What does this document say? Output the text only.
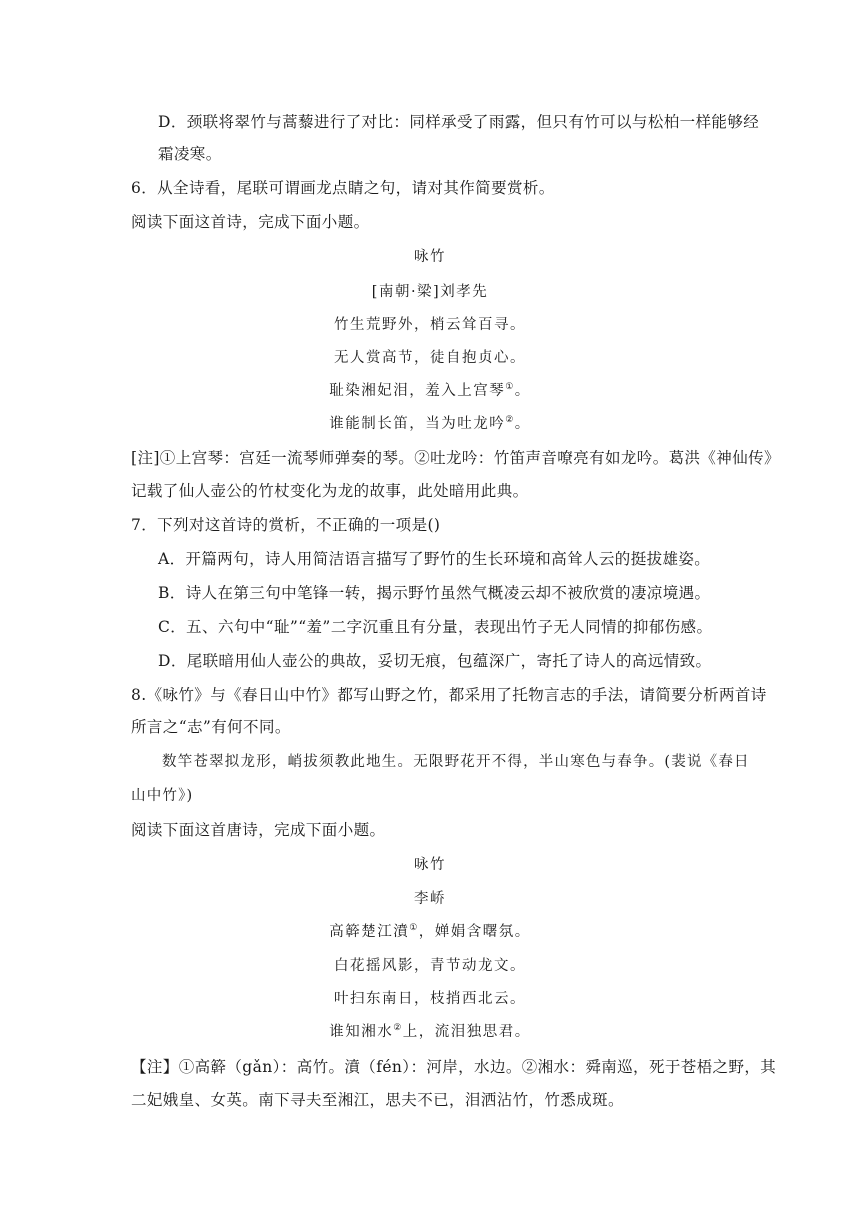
D．颈联将翠竹与蒿藜进行了对比：同样承受了雨露，但只有竹可以与松柏一样能够经
霜凌寒。
6．从全诗看，尾联可谓画龙点睛之句，请对其作简要赏析。
阅读下面这首诗，完成下面小题。
咏竹
[南朝·梁]刘孝先
竹生荒野外，梢云耸百寻。
无人赏高节，徒自抱贞心。
耻染湘妃泪，羞入上宫琴①。
谁能制长笛，当为吐龙吟②。
[注]①上宫琴：宫廷一流琴师弹奏的琴。②吐龙吟：竹笛声音嘹亮有如龙吟。葛洪《神仙传》
记载了仙人壶公的竹杖变化为龙的故事，此处暗用此典。
7．下列对这首诗的赏析，不正确的一项是()
A．开篇两句，诗人用简洁语言描写了野竹的生长环境和高耸人云的挺拔雄姿。
B．诗人在第三句中笔锋一转，揭示野竹虽然气概凌云却不被欣赏的凄凉境遇。
C．五、六句中“耻”“羞”二字沉重且有分量，表现出竹子无人同情的抑郁伤感。
D．尾联暗用仙人壶公的典故，妥切无痕，包蕴深广，寄托了诗人的高远情致。
8.《咏竹》与《春日山中竹》都写山野之竹，都采用了托物言志的手法，请简要分析两首诗
所言之“志”有何不同。
数竿苍翠拟龙形，峭拔须教此地生。无限野花开不得，半山寒色与春争。(裴说《春日
山中竹》)
阅读下面这首唐诗，完成下面小题。
咏竹
李峤
高簳楚江濆①，婵娟含曙氛。
白花摇风影，青节动龙文。
叶扫东南日，枝捎西北云。
谁知湘水②上，流泪独思君。
【注】①高簳（gǎn）：高竹。濆（fén）：河岸，水边。②湘水：舜南巡，死于苍梧之野，其
二妃娥皇、女英。南下寻夫至湘江，思夫不已，泪洒沾竹，竹悉成斑。
